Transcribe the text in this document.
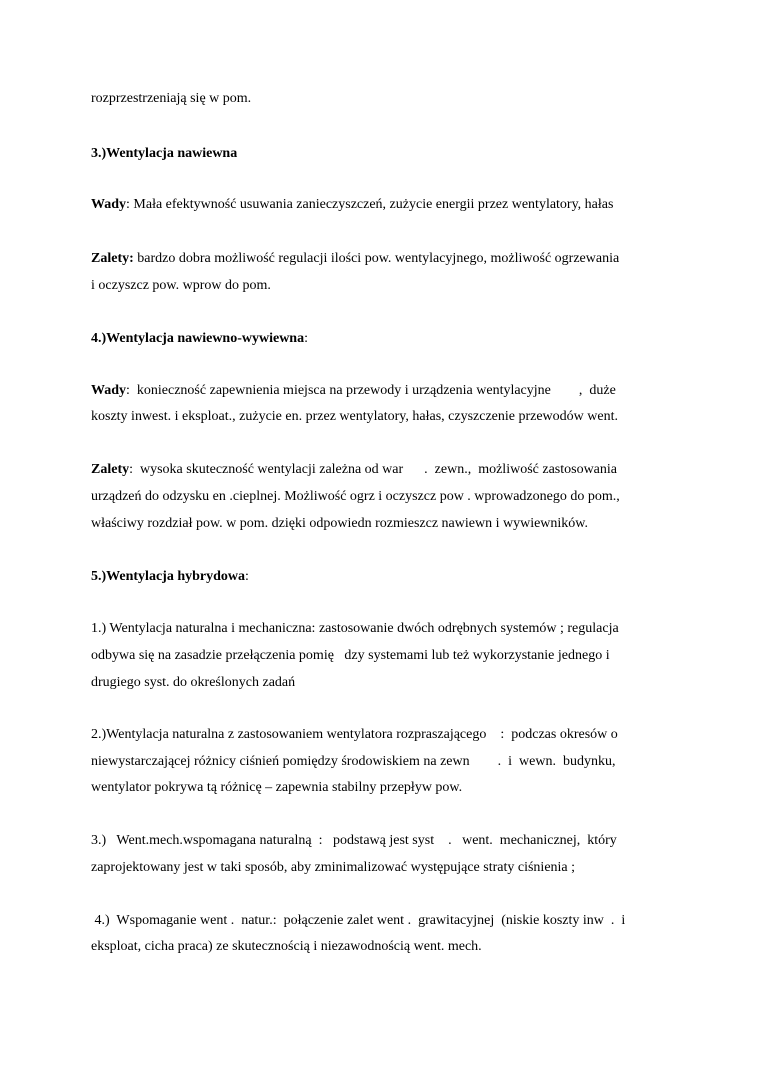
rozprzestrzeniają się w pom.
3.)Wentylacja nawiewna
Wady: Mała efektywność usuwania zanieczyszczeń, zużycie energii przez wentylatory, hałas
Zalety: bardzo dobra możliwość regulacji ilości pow. wentylacyjnego, możliwość ogrzewania
i oczyszcz pow. wprow do pom.
4.)Wentylacja nawiewno-wywiewna:
Wady:  konieczność zapewnienia miejsca na przewody i urządzenia wentylacyjne        ,  duże
koszty inwest. i eksploat., zużycie en. przez wentylatory, hałas, czyszczenie przewodów went.
Zalety:  wysoka skuteczność wentylacji zależna od war      .  zewn.,  możliwość zastosowania
urządzeń do odzysku en .cieplnej. Możliwość ogrz i oczyszcz pow . wprowadzonego do pom.,
właściwy rozdział pow. w pom. dzięki odpowiedn rozmieszcz nawiewn i wywiewników.
5.)Wentylacja hybrydowa:
1.) Wentylacja naturalna i mechaniczna: zastosowanie dwóch odrębnych systemów ; regulacja
odbywa się na zasadzie przełączenia pomię   dzy systemami lub też wykorzystanie jednego i
drugiego syst. do określonych zadań
2.)Wentylacja naturalna z zastosowaniem wentylatora rozpraszającego    :  podczas okresów o
niewystarczającej różnicy ciśnień pomiędzy środowiskiem na zewn        .  i  wewn.  budynku,
wentylator pokrywa tą różnicę – zapewnia stabilny przepływ pow.
3.)   Went.mech.wspomagana naturalną  :   podstawą jest syst    .   went.  mechanicznej,  który
zaprojektowany jest w taki sposób, aby zminimalizować występujące straty ciśnienia ;
4.)  Wspomaganie went .  natur.:  połączenie zalet went .  grawitacyjnej  (niskie koszty inw  .  i
eksploat, cicha praca) ze skutecznością i niezawodnością went. mech.
